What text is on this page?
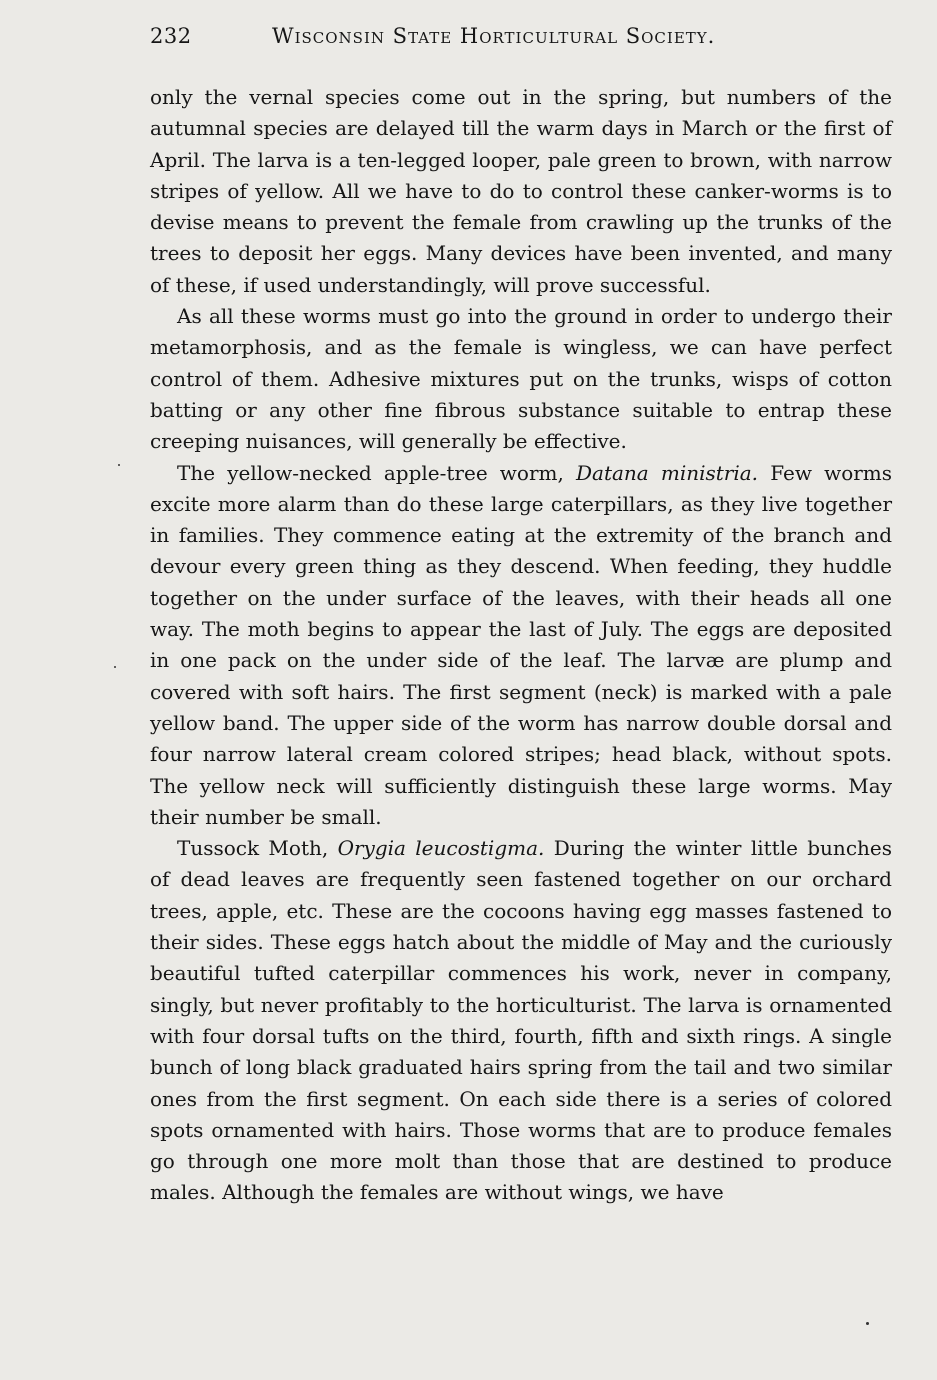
232	Wisconsin State Horticultural Society.

only the vernal species come out in the spring, but numbers of the autumnal species are delayed till the warm days in March or the first of April. The larva is a ten-legged looper, pale green to brown, with narrow stripes of yellow. All we have to do to control these canker-worms is to devise means to prevent the female from crawling up the trunks of the trees to deposit her eggs. Many devices have been invented, and many of these, if used understandingly, will prove successful.

As all these worms must go into the ground in order to undergo their metamorphosis, and as the female is wingless, we can have perfect control of them. Adhesive mixtures put on the trunks, wisps of cotton batting or any other fine fibrous substance suitable to entrap these creeping nuisances, will generally be effective.

The yellow-necked apple-tree worm, Datana ministria. Few worms excite more alarm than do these large caterpillars, as they live together in families. They commence eating at the extremity of the branch and devour every green thing as they descend. When feeding, they huddle together on the under surface of the leaves, with their heads all one way. The moth begins to appear the last of July. The eggs are deposited in one pack on the under side of the leaf. The larvæ are plump and covered with soft hairs. The first segment (neck) is marked with a pale yellow band. The upper side of the worm has narrow double dorsal and four narrow lateral cream colored stripes; head black, without spots. The yellow neck will sufficiently distinguish these large worms. May their number be small.

Tussock Moth, Orygia leucostigma. During the winter little bunches of dead leaves are frequently seen fastened together on our orchard trees, apple, etc. These are the cocoons having egg masses fastened to their sides. These eggs hatch about the middle of May and the curiously beautiful tufted caterpillar commences his work, never in company, singly, but never profitably to the horticulturist. The larva is ornamented with four dorsal tufts on the third, fourth, fifth and sixth rings. A single bunch of long black graduated hairs spring from the tail and two similar ones from the first segment. On each side there is a series of colored spots ornamented with hairs. Those worms that are to produce females go through one more molt than those that are destined to produce males. Although the females are without wings, we have
